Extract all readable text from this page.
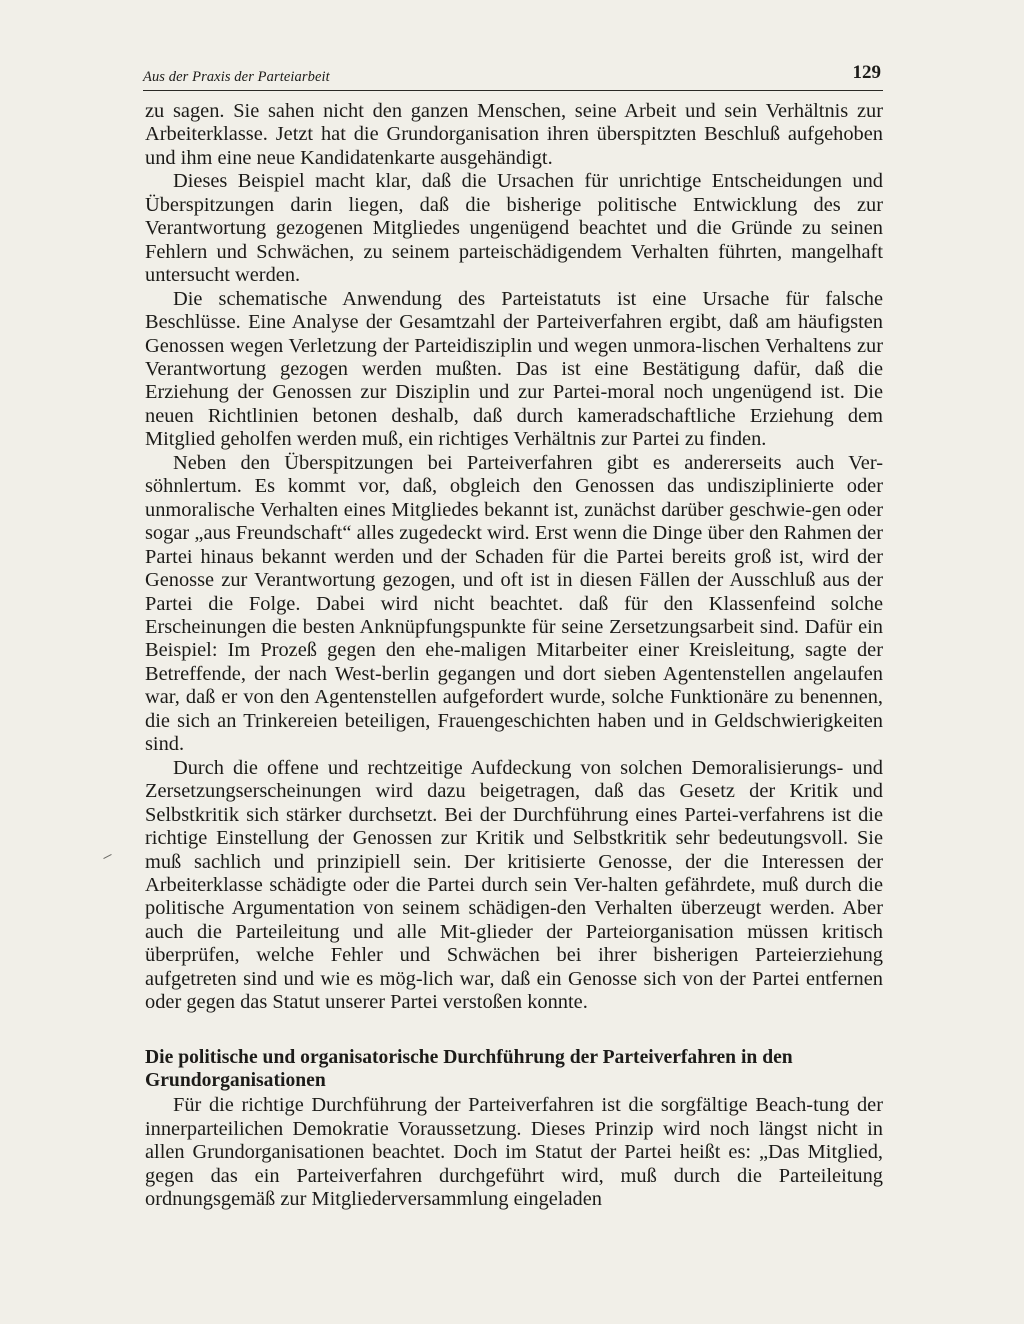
Aus der Praxis der Parteiarbeit	129

zu sagen. Sie sahen nicht den ganzen Menschen, seine Arbeit und sein Verhältnis zur Arbeiterklasse. Jetzt hat die Grundorganisation ihren überspitzten Beschluß aufgehoben und ihm eine neue Kandidatenkarte ausgehändigt.

Dieses Beispiel macht klar, daß die Ursachen für unrichtige Entscheidungen und Überspitzungen darin liegen, daß die bisherige politische Entwicklung des zur Verantwortung gezogenen Mitgliedes ungenügend beachtet und die Gründe zu seinen Fehlern und Schwächen, zu seinem parteischädigendem Verhalten führten, mangelhaft untersucht werden.

Die schematische Anwendung des Parteistatuts ist eine Ursache für falsche Beschlüsse. Eine Analyse der Gesamtzahl der Parteiverfahren ergibt, daß am häufigsten Genossen wegen Verletzung der Parteidisziplin und wegen unmora-lischen Verhaltens zur Verantwortung gezogen werden mußten. Das ist eine Bestätigung dafür, daß die Erziehung der Genossen zur Disziplin und zur Partei-moral noch ungenügend ist. Die neuen Richtlinien betonen deshalb, daß durch kameradschaftliche Erziehung dem Mitglied geholfen werden muß, ein richtiges Verhältnis zur Partei zu finden.

Neben den Überspitzungen bei Parteiverfahren gibt es andererseits auch Ver-söhnlertum. Es kommt vor, daß, obgleich den Genossen das undisziplinierte oder unmoralische Verhalten eines Mitgliedes bekannt ist, zunächst darüber geschwie-gen oder sogar „aus Freundschaft“ alles zugedeckt wird. Erst wenn die Dinge über den Rahmen der Partei hinaus bekannt werden und der Schaden für die Partei bereits groß ist, wird der Genosse zur Verantwortung gezogen, und oft ist in diesen Fällen der Ausschluß aus der Partei die Folge. Dabei wird nicht beachtet. daß für den Klassenfeind solche Erscheinungen die besten Anknüpfungspunkte für seine Zersetzungsarbeit sind. Dafür ein Beispiel: Im Prozeß gegen den ehe-maligen Mitarbeiter einer Kreisleitung, sagte der Betreffende, der nach West-berlin gegangen und dort sieben Agentenstellen angelaufen war, daß er von den Agentenstellen aufgefordert wurde, solche Funktionäre zu benennen, die sich an Trinkereien beteiligen, Frauengeschichten haben und in Geldschwierigkeiten sind.

Durch die offene und rechtzeitige Aufdeckung von solchen Demoralisierungs- und Zersetzungserscheinungen wird dazu beigetragen, daß das Gesetz der Kritik und Selbstkritik sich stärker durchsetzt. Bei der Durchführung eines Partei-verfahrens ist die richtige Einstellung der Genossen zur Kritik und Selbstkritik sehr bedeutungsvoll. Sie muß sachlich und prinzipiell sein. Der kritisierte Genosse, der die Interessen der Arbeiterklasse schädigte oder die Partei durch sein Ver-halten gefährdete, muß durch die politische Argumentation von seinem schädigen-den Verhalten überzeugt werden. Aber auch die Parteileitung und alle Mit-glieder der Parteiorganisation müssen kritisch überprüfen, welche Fehler und Schwächen bei ihrer bisherigen Parteierziehung aufgetreten sind und wie es mög-lich war, daß ein Genosse sich von der Partei entfernen oder gegen das Statut unserer Partei verstoßen konnte.

Die politische und organisatorische Durchführung der Parteiverfahren in den Grundorganisationen

Für die richtige Durchführung der Parteiverfahren ist die sorgfältige Beach-tung der innerparteilichen Demokratie Voraussetzung. Dieses Prinzip wird noch längst nicht in allen Grundorganisationen beachtet. Doch im Statut der Partei heißt es: „Das Mitglied, gegen das ein Parteiverfahren durchgeführt wird, muß durch die Parteileitung ordnungsgemäß zur Mitgliederversammlung eingeladen
